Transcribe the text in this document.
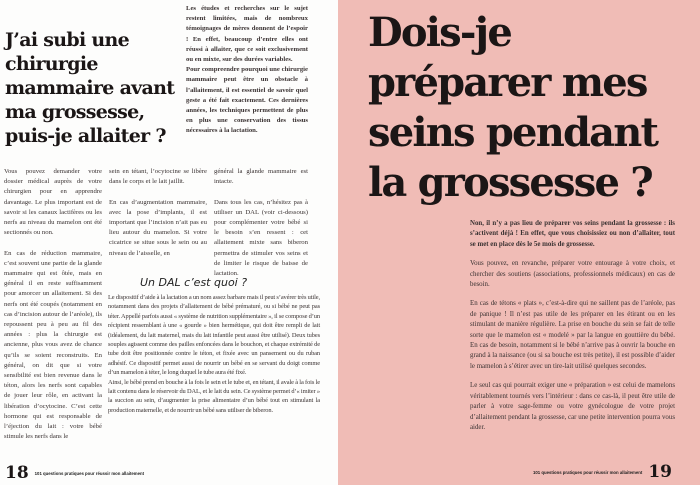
J’ai subi une chirurgie mammaire avant ma grossesse, puis-je allaiter ?

Les études et recherches sur le sujet restent limitées, mais de nombreux témoignages de mères donnent de l’espoir ! En effet, beaucoup d’entre elles ont réussi à allaiter, que ce soit exclusivement ou en mixte, sur des durées variables.

Pour compreendre pourquoi une chirurgie mammaire peut être un obstacle à l’allaitement, il est essentiel de savoir quel geste a été fait exactement. Ces dernières années, les techniques permettent de plus en plus une conservation des tissus nécessaires à la lactation.

Vous pouvez demander votre dossier médical auprès de votre chirurgien pour en apprendre davantage. Le plus important est de savoir si les canaux lactifères ou les nerfs au niveau du mamelon ont été sectionnés ou non.

En cas de réduction mammaire, c’est souvent une partie de la glande mammaire qui est ôtée, mais en général il en reste suffisamment pour amorcer un allaitement. Si des nerfs ont été coupés (notamment en cas d’incision autour de l’aréole), ils repoussent peu à peu au fil des années : plus la chirurgie est ancienne, plus vous avez de chance qu’ils se soient reconstruits. En général, on dit que si votre sensibilité est bien revenue dans le téton, alors les nerfs sont capables de jouer leur rôle, en activant la libération d’ocytocine. C’est cette hormone qui est responsable de l’éjection du lait : votre bébé stimule les nerfs dans le

sein en tétant, l’ocytocine se libère dans le corps et le lait jaillit.

En cas d’augmentation mammaire, avec la pose d’implants, il est important que l’incision n’ait pas eu lieu autour du mamelon. Si votre cicatrice se situe sous le sein ou au niveau de l’aisselle, en

général la glande mammaire est intacte.

Dans tous les cas, n’hésitez pas à utiliser un DAL (voir ci-dessous) pour complémenter votre bébé si le besoin s’en ressent : cet allaitement mixte sans biberon permettra de stimuler vos seins et de limiter le risque de baisse de lactation.

Un DAL c’est quoi ?

Le dispositif d’aide à la lactation a un nom assez barbare mais il peut s’avérer très utile, notamment dans des projets d’allaitement de bébé prématuré, ou si bébé ne peut pas téter. Appellé parfois aussi « système de nutrition supplémentaire », il se compose d’un récipient ressemblant à une « gourde » bien hermétique, qui doit être rempli de lait (idéalement, du lait maternel, mais du lait infantile peut aussi être utilisé). Deux tubes souples agissent comme des pailles enfoncées dans le bouchon, et chaque extrémité de tube doit être positionnée contre le téton, et fixée avec un pansement ou du ruban adhésif. Ce dispositif permet aussi de nourrir un bébé en se servant du doigt comme d’un mamelon à téter, le long duquel le tube aura été fixé.

Ainsi, le bébé prend en bouche à la fois le sein et le tube et, en tétant, il avale à la fois le lait contenu dans le réservoir du DAL, et le lait du sein. Ce système permet d’« imiter » la succion au sein, d’augmenter la prise alimentaire d’un bébé tout en stimulant la production maternelle, et de nourrir un bébé sans utiliser de biberon.

18 101 questions pratiques pour réussir mon allaitement
Dois-je
préparer mes
seins pendant
la grossesse ?

Non, il n’y a pas lieu de préparer vos seins pendant la grossesse : ils s’activent déjà ! En effet, que vous choisissiez ou non d’allaiter, tout se met en place dès le 5e mois de grossesse.

Vous pouvez, en revanche, préparer votre entourage à votre choix, et chercher des soutiens (associations, professionnels médicaux) en cas de besoin.

En cas de tétons « plats », c’est-à-dire qui ne saillent pas de l’aréole, pas de panique ! Il n’est pas utile de les préparer en les étirant ou en les stimulant de manière régulière. La prise en bouche du sein se fait de telle sorte que le mamelon est « modelé » par la langue en gouttière du bébé. En cas de besoin, notamment si le bébé n’arrive pas à ouvrir la bouche en grand à la naissance (ou si sa bouche est très petite), il est possible d’aider le mamelon à s’étirer avec un tire-lait utilisé quelques secondes.

Le seul cas qui pourrait exiger une « préparation » est celui de mamelons véritablement tournés vers l’intérieur : dans ce cas-là, il peut être utile de parler à votre sage-femme ou votre gynécologue de votre projet d’allaitement pendant la grossesse, car une petite intervention pourra vous aider.

101 questions pratiques pour réussir mon allaitement 19
